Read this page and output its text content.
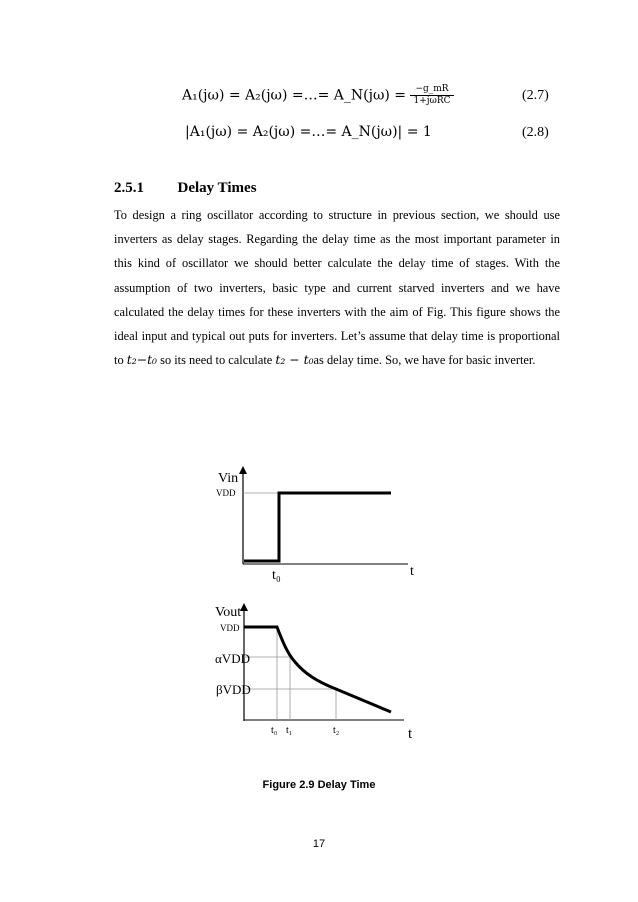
A₁(jω) = A₂(jω) =…= A_N(jω) = $\frac{-g\_mR}{\text{1+jωRC}}$	(2.7)
|A₁(jω) = A₂(jω) =…= A_N(jω)| = 1	(2.8)
2.5.1 Delay Times
To design a ring oscillator according to structure in previous section, we should use inverters as delay stages. Regarding the delay time as the most important parameter in this kind of oscillator we should better calculate the delay time of stages. With the assumption of two inverters, basic type and current starved inverters and we have calculated the delay times for these inverters with the aim of Fig. This figure shows the ideal input and typical out puts for inverters. Let’s assume that delay time is proportional to t₂−t₀ so its need to calculate t₂ − t₀as delay time. So, we have for basic inverter.
Vin
VDD
t₀	t
Vout
VDD
αVDD
βVDD
t₀ t₁	t₂	t
Figure 2.9 Delay Time
17
